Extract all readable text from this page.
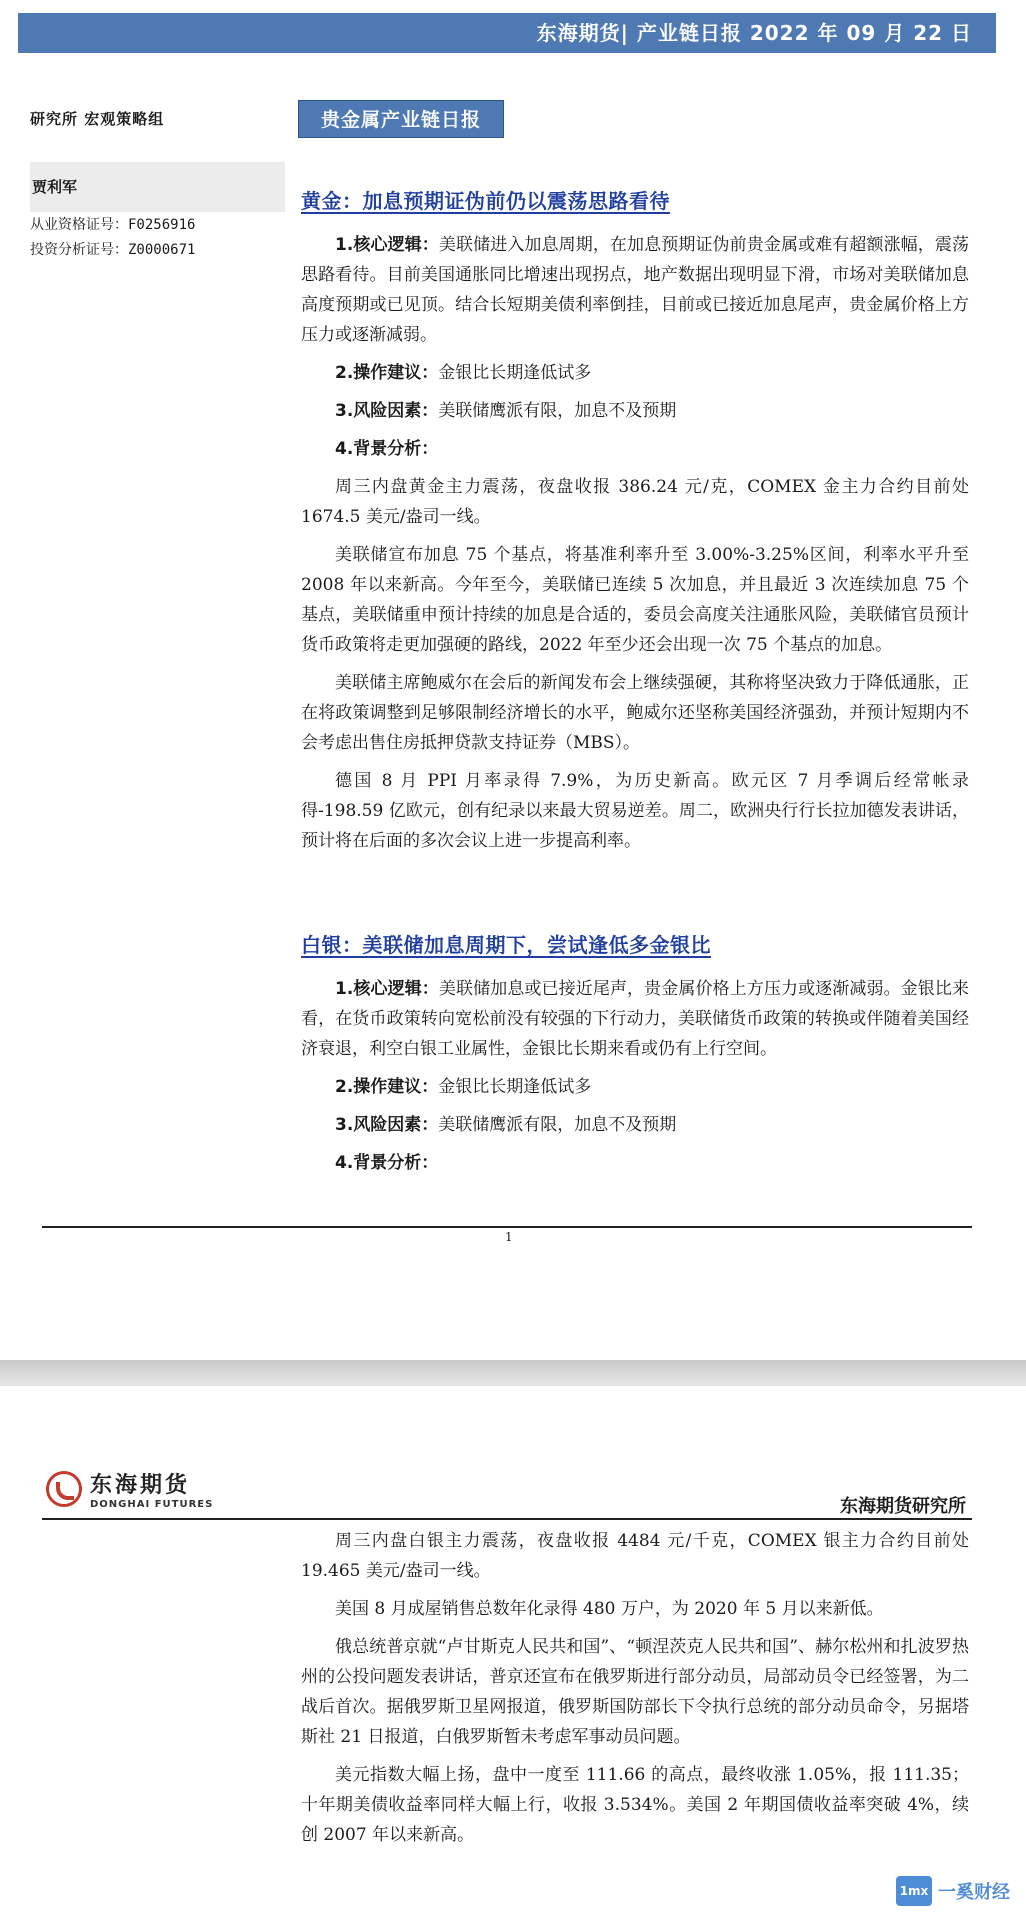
东海期货| 产业链日报 2022 年 09 月 22 日
研究所 宏观策略组
贾利军
从业资格证号：F0256916
投资分析证号：Z0000671
贵金属产业链日报
黄金：加息预期证伪前仍以震荡思路看待

1.核心逻辑：美联储进入加息周期，在加息预期证伪前贵金属或难有超额涨幅，震荡思路看待。目前美国通胀同比增速出现拐点，地产数据出现明显下滑，市场对美联储加息高度预期或已见顶。结合长短期美债利率倒挂，目前或已接近加息尾声，贵金属价格上方压力或逐渐减弱。

2.操作建议：金银比长期逢低试多

3.风险因素：美联储鹰派有限，加息不及预期

4.背景分析：

周三内盘黄金主力震荡，夜盘收报 386.24 元/克，COMEX 金主力合约目前处 1674.5 美元/盎司一线。

美联储宣布加息 75 个基点，将基准利率升至 3.00%-3.25%区间，利率水平升至 2008 年以来新高。今年至今，美联储已连续 5 次加息，并且最近 3 次连续加息 75 个基点，美联储重申预计持续的加息是合适的，委员会高度关注通胀风险，美联储官员预计货币政策将走更加强硬的路线，2022 年至少还会出现一次 75 个基点的加息。

美联储主席鲍威尔在会后的新闻发布会上继续强硬，其称将坚决致力于降低通胀，正在将政策调整到足够限制经济增长的水平，鲍威尔还坚称美国经济强劲，并预计短期内不会考虑出售住房抵押贷款支持证券（MBS）。

德国 8 月 PPI 月率录得 7.9%，为历史新高。欧元区 7 月季调后经常帐录得-198.59 亿欧元，创有纪录以来最大贸易逆差。周二，欧洲央行行长拉加德发表讲话，预计将在后面的多次会议上进一步提高利率。

白银：美联储加息周期下，尝试逢低多金银比

1.核心逻辑：美联储加息或已接近尾声，贵金属价格上方压力或逐渐减弱。金银比来看，在货币政策转向宽松前没有较强的下行动力，美联储货币政策的转换或伴随着美国经济衰退，利空白银工业属性，金银比长期来看或仍有上行空间。

2.操作建议：金银比长期逢低试多

3.风险因素：美联储鹰派有限，加息不及预期

4.背景分析：

1
东海期货
DONGHAI FUTURES	东海期货研究所

周三内盘白银主力震荡，夜盘收报 4484 元/千克，COMEX 银主力合约目前处 19.465 美元/盎司一线。

美国 8 月成屋销售总数年化录得 480 万户，为 2020 年 5 月以来新低。

俄总统普京就“卢甘斯克人民共和国”、“顿涅茨克人民共和国”、赫尔松州和扎波罗热州的公投问题发表讲话，普京还宣布在俄罗斯进行部分动员，局部动员令已经签署，为二战后首次。据俄罗斯卫星网报道，俄罗斯国防部长下令执行总统的部分动员命令，另据塔斯社 21 日报道，白俄罗斯暂未考虑军事动员问题。

美元指数大幅上扬，盘中一度至 111.66 的高点，最终收涨 1.05%，报 111.35；十年期美债收益率同样大幅上行，收报 3.534%。美国 2 年期国债收益率突破 4%，续创 2007 年以来新高。

1mx 一奚财经
